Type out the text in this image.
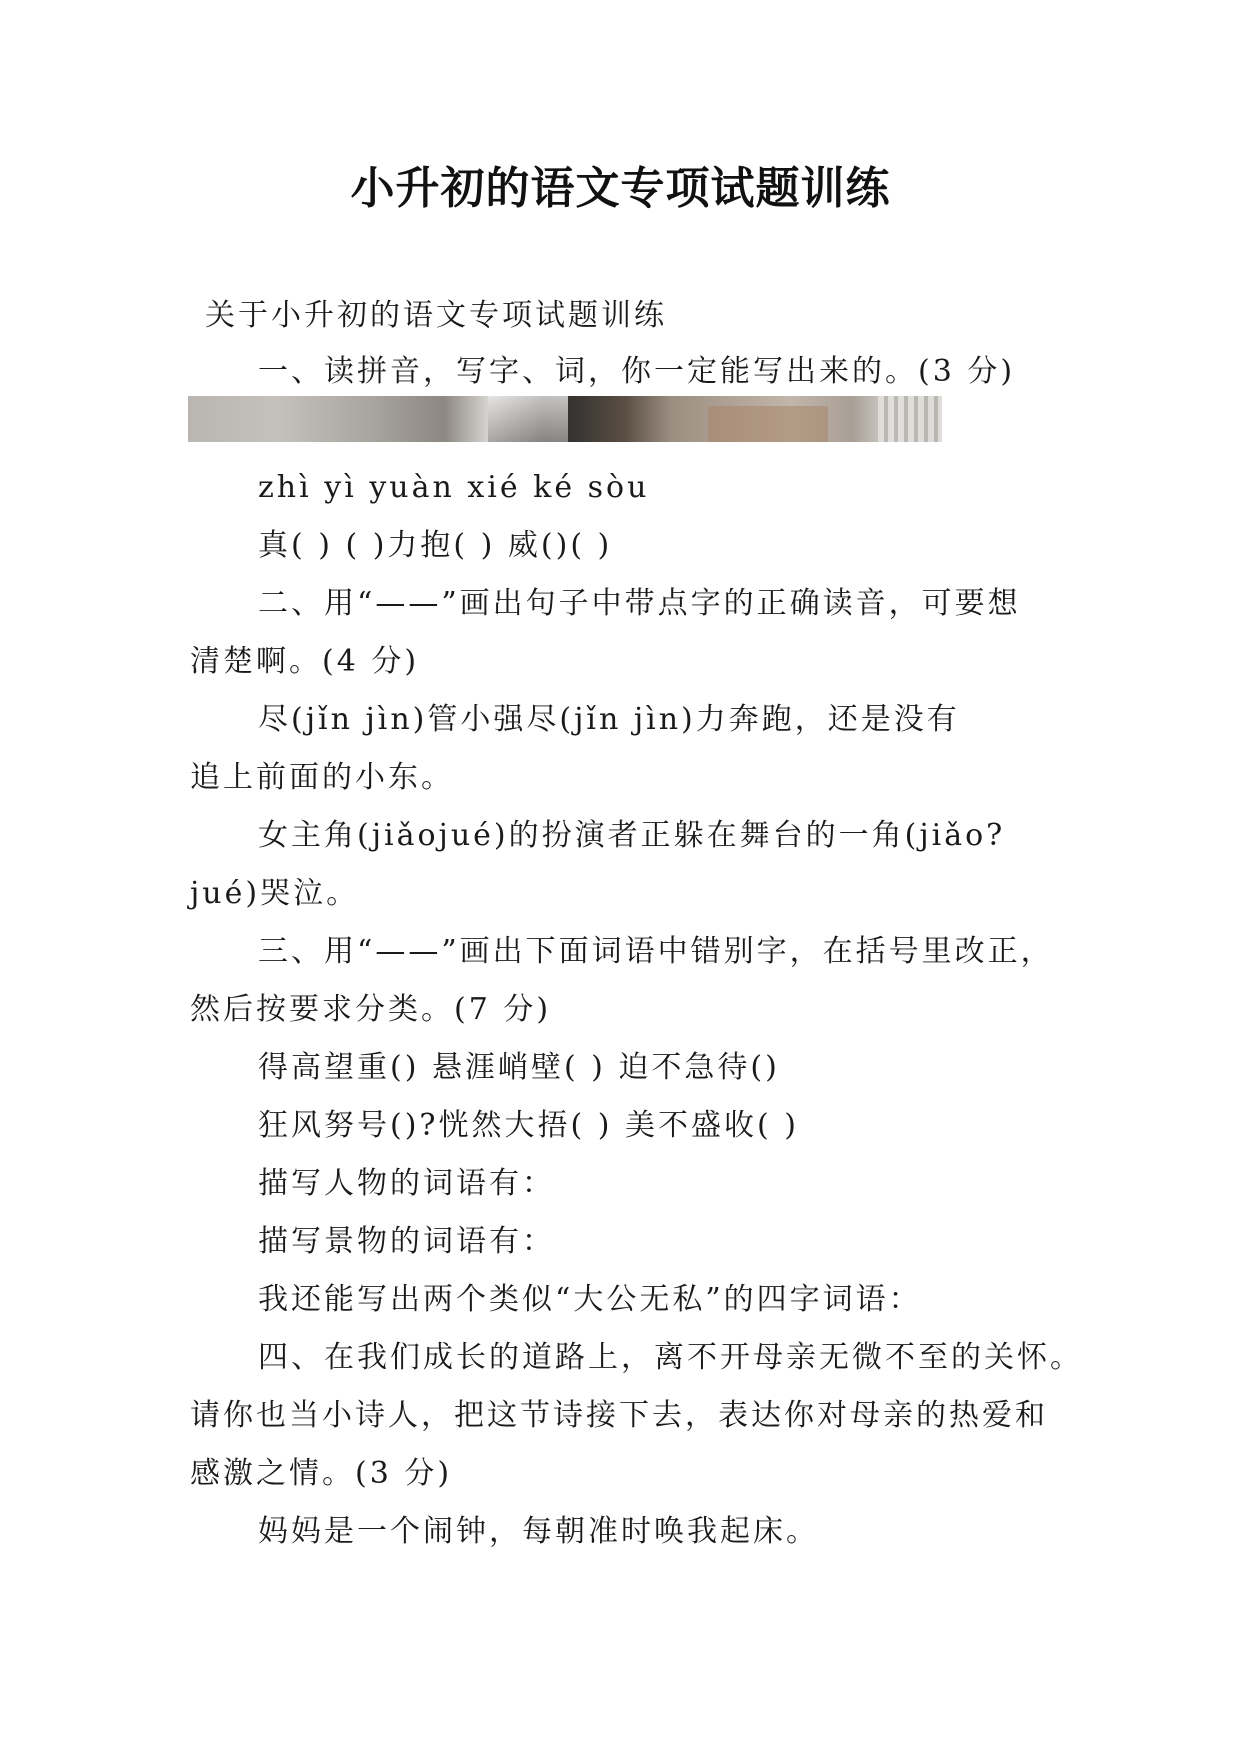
小升初的语文专项试题训练

关于小升初的语文专项试题训练

一、读拼音，写字、词，你一定能写出来的。(3 分)

zhì yì yuàn xié ké sòu

真( ) ( )力抱( ) 威()( )

二、用“——”画出句子中带点字的正确读音，可要想

清楚啊。(4 分)

尽(jǐn jìn)管小强尽(jǐn jìn)力奔跑，还是没有

追上前面的小东。

女主角(jiǎojué)的扮演者正躲在舞台的一角(jiǎo?

jué)哭泣。

三、用“——”画出下面词语中错别字，在括号里改正，

然后按要求分类。(7 分)

得高望重() 悬涯峭壁( ) 迫不急待()

狂风努号()?恍然大捂( ) 美不盛收( )

描写人物的词语有：

描写景物的词语有：

我还能写出两个类似“大公无私”的四字词语：

四、在我们成长的道路上，离不开母亲无微不至的关怀。

请你也当小诗人，把这节诗接下去，表达你对母亲的热爱和

感激之情。(3 分)

妈妈是一个闹钟，每朝准时唤我起床。
